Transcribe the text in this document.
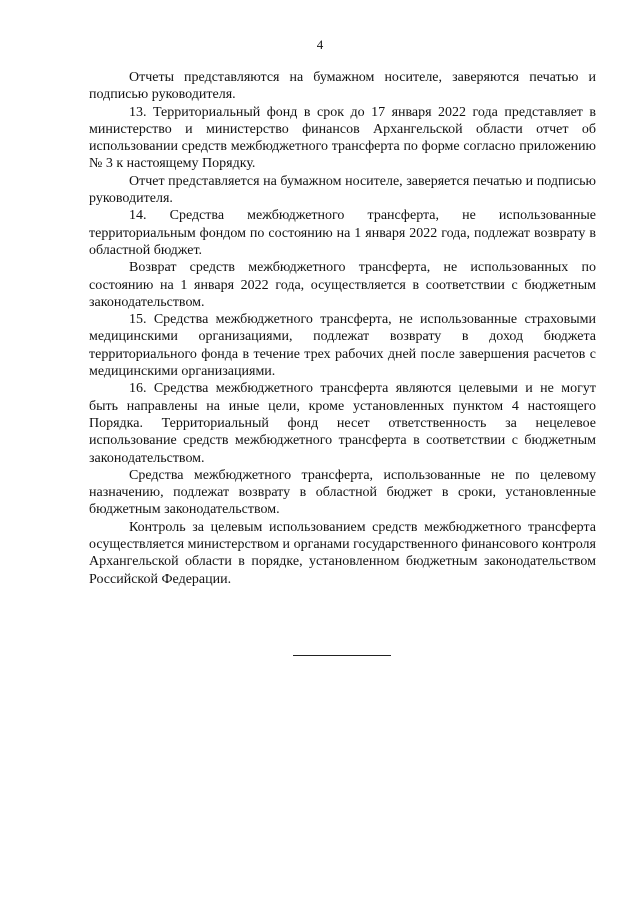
4

Отчеты представляются на бумажном носителе, заверяются печатью и подписью руководителя.

13. Территориальный фонд в срок до 17 января 2022 года представляет в министерство и министерство финансов Архангельской области отчет об использовании средств межбюджетного трансферта по форме согласно приложению № 3 к настоящему Порядку.

Отчет представляется на бумажном носителе, заверяется печатью и подписью руководителя.

14. Средства межбюджетного трансферта, не использованные территориальным фондом по состоянию на 1 января 2022 года, подлежат возврату в областной бюджет.

Возврат средств межбюджетного трансферта, не использованных по состоянию на 1 января 2022 года, осуществляется в соответствии с бюджетным законодательством.

15. Средства межбюджетного трансферта, не использованные страховыми медицинскими организациями, подлежат возврату в доход бюджета территориального фонда в течение трех рабочих дней после завершения расчетов с медицинскими организациями.

16. Средства межбюджетного трансферта являются целевыми и не могут быть направлены на иные цели, кроме установленных пунктом 4 настоящего Порядка. Территориальный фонд несет ответственность за нецелевое использование средств межбюджетного трансферта в соответствии с бюджетным законодательством.

Средства межбюджетного трансферта, использованные не по целевому назначению, подлежат возврату в областной бюджет в сроки, установленные бюджетным законодательством.

Контроль за целевым использованием средств межбюджетного трансферта осуществляется министерством и органами государственного финансового контроля Архангельской области в порядке, установленном бюджетным законодательством Российской Федерации.
